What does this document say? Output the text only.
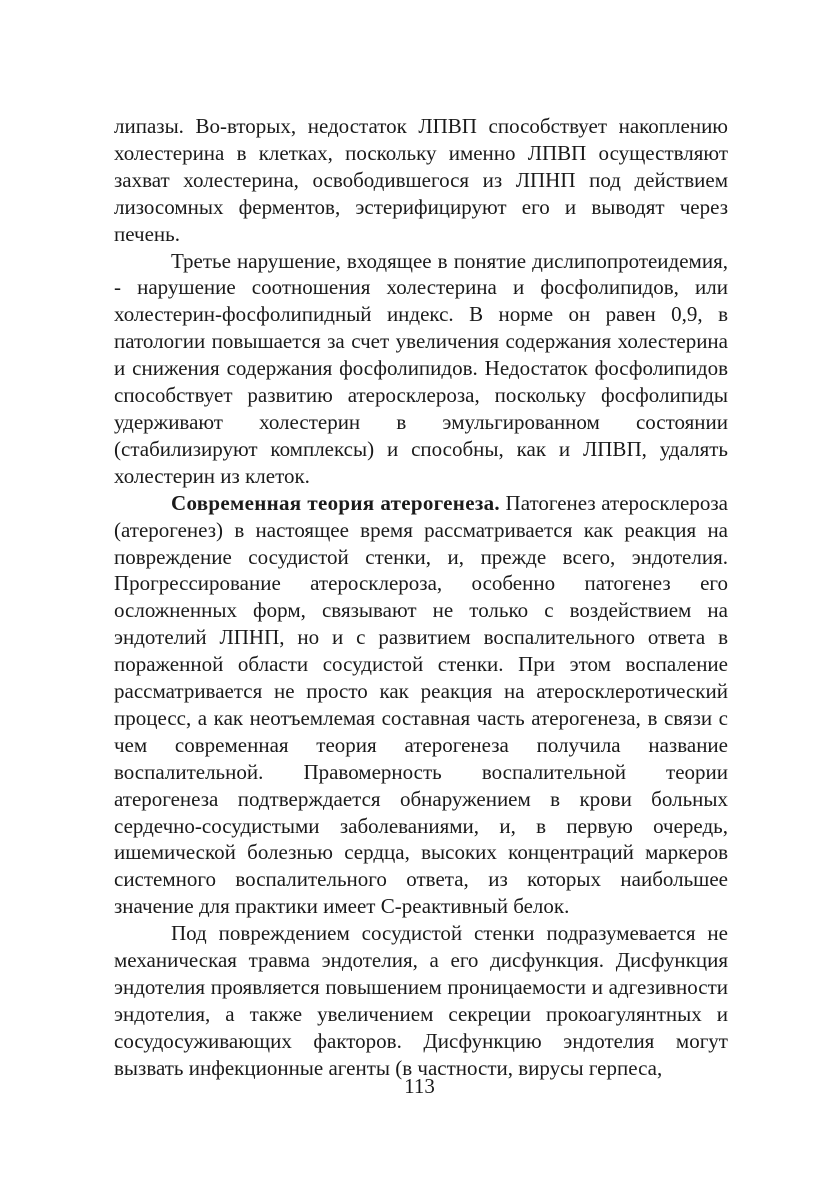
липазы. Во-вторых, недостаток ЛПВП способствует накоплению холестерина в клетках, поскольку именно ЛПВП осуществляют захват холестерина, освободившегося из ЛПНП под действием лизосомных ферментов, эстерифицируют его и выводят через печень.

Третье нарушение, входящее в понятие дислипопротеидемия, - нарушение соотношения холестерина и фосфолипидов, или холестерин-фосфолипидный индекс. В норме он равен 0,9, в патологии повышается за счет увеличения содержания холестерина и снижения содержания фосфолипидов. Недостаток фосфолипидов способствует развитию атеросклероза, поскольку фосфолипиды удерживают холестерин в эмульгированном состоянии (стабилизируют комплексы) и способны, как и ЛПВП, удалять холестерин из клеток.

Современная теория атерогенеза. Патогенез атеросклероза (атерогенез) в настоящее время рассматривается как реакция на повреждение сосудистой стенки, и, прежде всего, эндотелия. Прогрессирование атеросклероза, особенно патогенез его осложненных форм, связывают не только с воздействием на эндотелий ЛПНП, но и с развитием воспалительного ответа в пораженной области сосудистой стенки. При этом воспаление рассматривается не просто как реакция на атеросклеротический процесс, а как неотъемлемая составная часть атерогенеза, в связи с чем современная теория атерогенеза получила название воспалительной. Правомерность воспалительной теории атерогенеза подтверждается обнаружением в крови больных сердечно-сосудистыми заболеваниями, и, в первую очередь, ишемической болезнью сердца, высоких концентраций маркеров системного воспалительного ответа, из которых наибольшее значение для практики имеет С-реактивный белок.

Под повреждением сосудистой стенки подразумевается не механическая травма эндотелия, а его дисфункция. Дисфункция эндотелия проявляется повышением проницаемости и адгезивности эндотелия, а также увеличением секреции прокоагулянтных и сосудосуживающих факторов. Дисфункцию эндотелия могут вызвать инфекционные агенты (в частности, вирусы герпеса,

113
